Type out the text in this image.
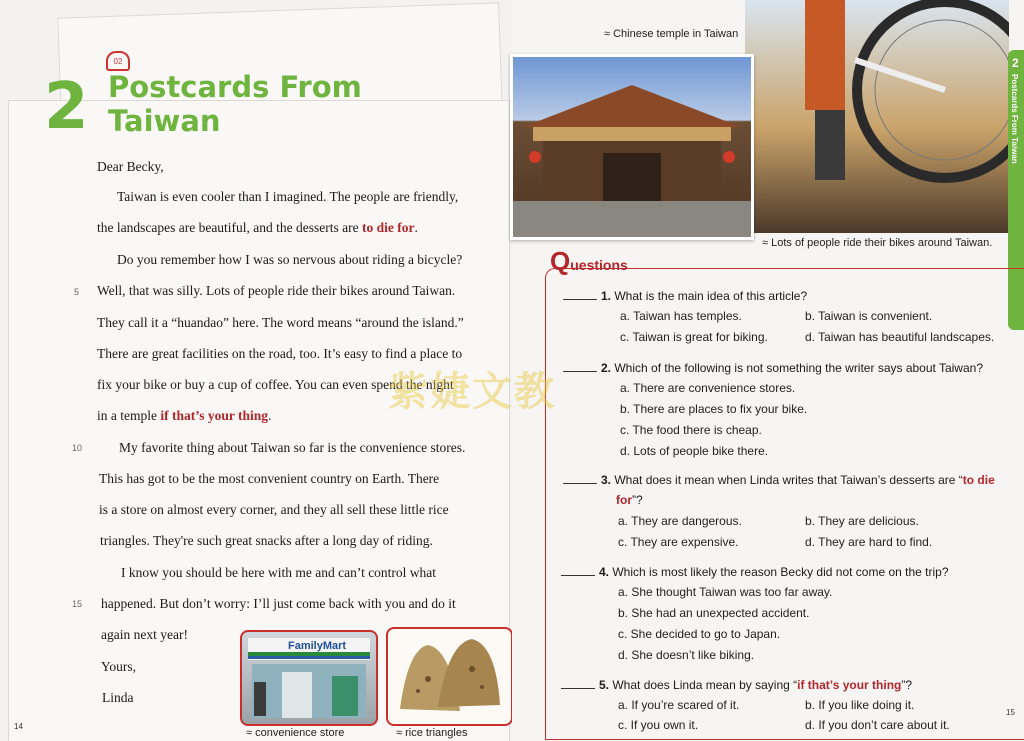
02
2 Postcards From
Taiwan

Dear Becky,

Taiwan is even cooler than I imagined. The people are friendly,

the landscapes are beautiful, and the desserts are to die for.

Do you remember how I was so nervous about riding a bicycle?

Well, that was silly. Lots of people ride their bikes around Taiwan.

They call it a “huandao” here. The word means “around the island.”

There are great facilities on the road, too. It’s easy to find a place to

fix your bike or buy a cup of coffee. You can even spend the night

in a temple if that’s your thing.

My favorite thing about Taiwan so far is the convenience stores.

This has got to be the most convenient country on Earth. There

is a store on almost every corner, and they all sell these little rice

triangles. They're such great snacks after a long day of riding.

I know you should be here with me and can’t control what

happened. But don’t worry: I’ll just come back with you and do it

again next year!

Yours,

Linda

5
10
15
FamilyMart
≈ convenience store	≈ rice triangles
14
≈ Lots of people ride their bikes around Taiwan.
≈ Chinese temple in Taiwan
2
Postcards From Taiwan
Questions
1. What is the main idea of this article?
a. Taiwan has temples.	b. Taiwan is convenient.
c. Taiwan is great for biking.	d. Taiwan has beautiful landscapes.
2. Which of the following is not something the writer says about Taiwan?
a. There are convenience stores.
b. There are places to fix your bike.
c. The food there is cheap.
d. Lots of people bike there.
3. What does it mean when Linda writes that Taiwan’s desserts are “to die
for”?
a. They are dangerous.	b. They are delicious.
c. They are expensive.	d. They are hard to find.
4. Which is most likely the reason Becky did not come on the trip?
a. She thought Taiwan was too far away.
b. She had an unexpected accident.
c. She decided to go to Japan.
d. She doesn’t like biking.
5. What does Linda mean by saying “if that’s your thing”?
a. If you’re scared of it.	b. If you like doing it.
c. If you own it.	d. If you don’t care about it.
紫婕文教
15
